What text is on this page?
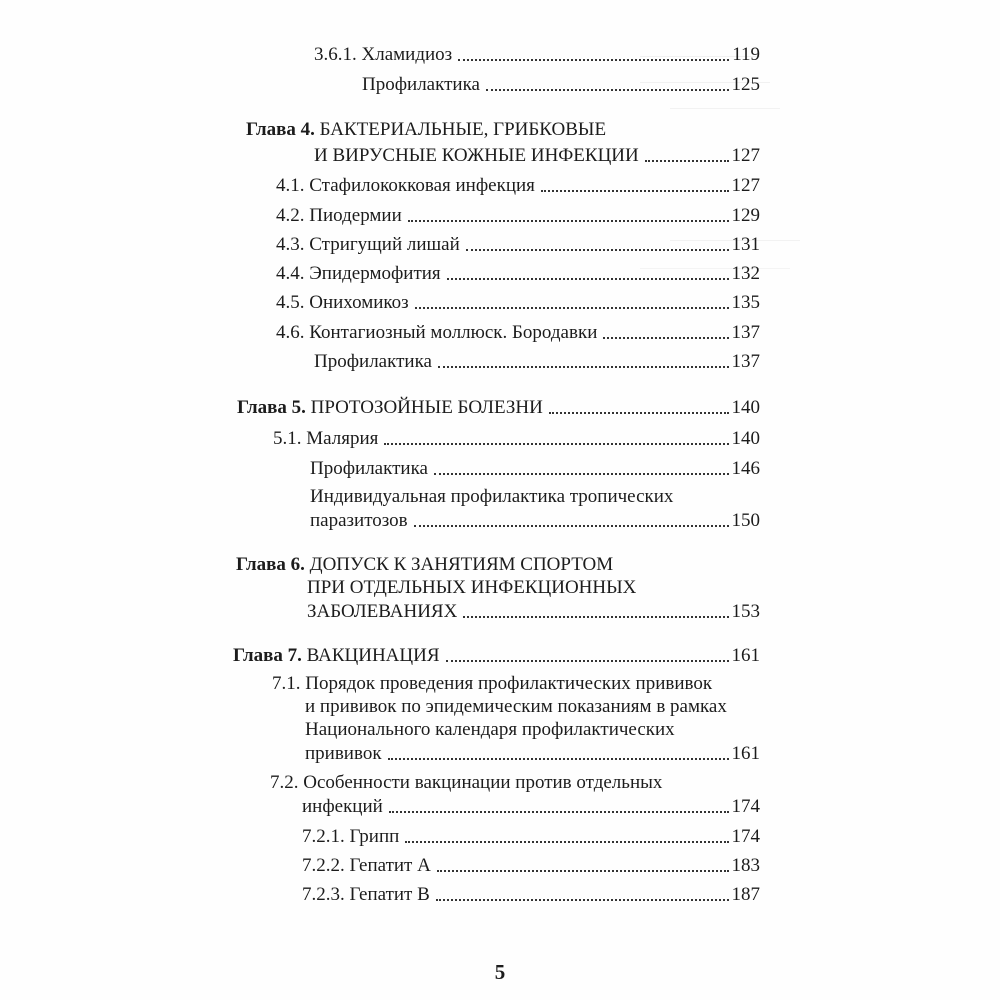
3.6.1. Хламидиоз	119
Профилактика	125
Глава 4. БАКТЕРИАЛЬНЫЕ, ГРИБКОВЫЕ
И ВИРУСНЫЕ КОЖНЫЕ ИНФЕКЦИИ	127
4.1. Стафилококковая инфекция	127
4.2. Пиодермии	129
4.3. Стригущий лишай	131
4.4. Эпидермофития	132
4.5. Онихомикоз	135
4.6. Контагиозный моллюск. Бородавки	137
Профилактика	137
Глава 5. ПРОТОЗОЙНЫЕ БОЛЕЗНИ	140
5.1. Малярия	140
Профилактика	146
Индивидуальная профилактика тропических
паразитозов	150
Глава 6. ДОПУСК К ЗАНЯТИЯМ СПОРТОМ
ПРИ ОТДЕЛЬНЫХ ИНФЕКЦИОННЫХ
ЗАБОЛЕВАНИЯХ	153
Глава 7. ВАКЦИНАЦИЯ	161
7.1. Порядок проведения профилактических прививок
и прививок по эпидемическим показаниям в рамках
Национального календаря профилактических
прививок	161
7.2. Особенности вакцинации против отдельных
инфекций	174
7.2.1. Грипп	174
7.2.2. Гепатит А	183
7.2.3. Гепатит В	187
5
